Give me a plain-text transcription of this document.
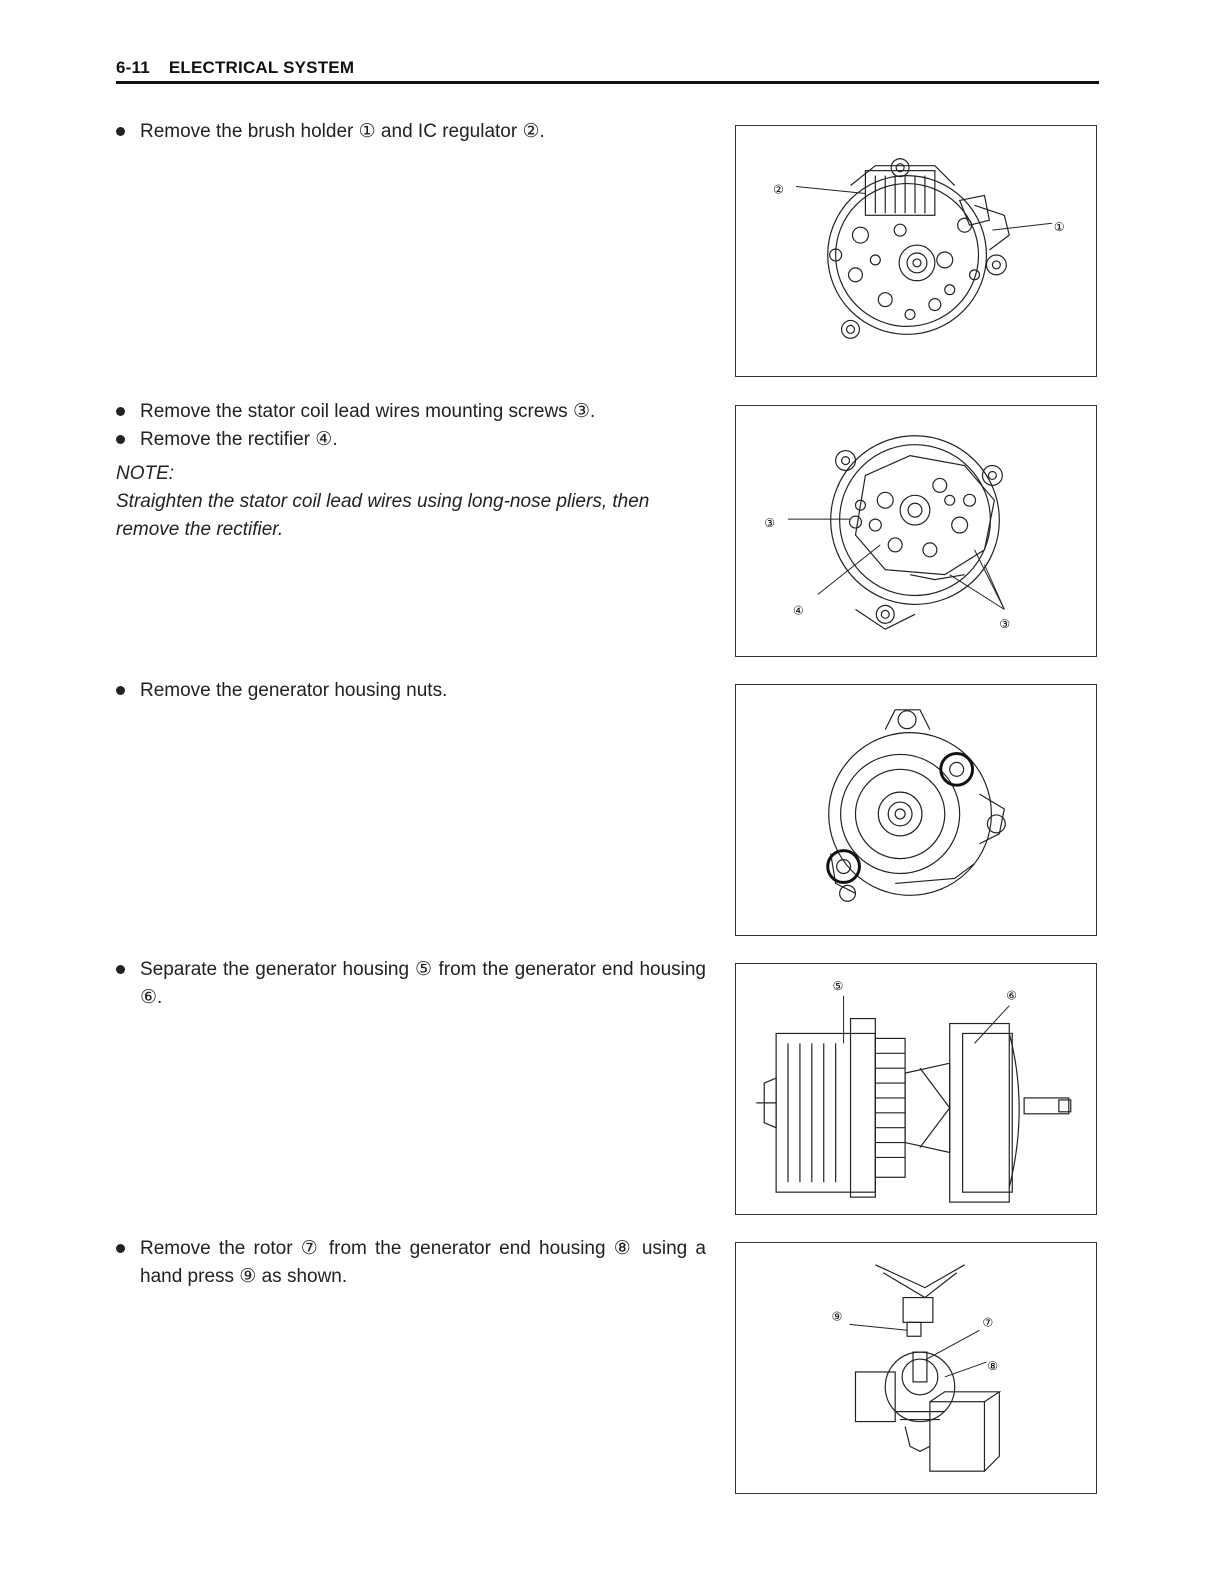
6-11 ELECTRICAL SYSTEM
Remove the brush holder ① and IC regulator ②.
②
①
Remove the stator coil lead wires mounting screws ③.
Remove the rectifier ④.
NOTE:
Straighten the stator coil lead wires using long-nose pliers, then remove the rectifier.	③
④
③
Remove the generator housing nuts.
Separate the generator housing ⑤ from the generator end housing ⑥.
⑤
⑥
Remove the rotor ⑦ from the generator end housing ⑧ using a hand press ⑨ as shown.
⑨	⑦
⑧
